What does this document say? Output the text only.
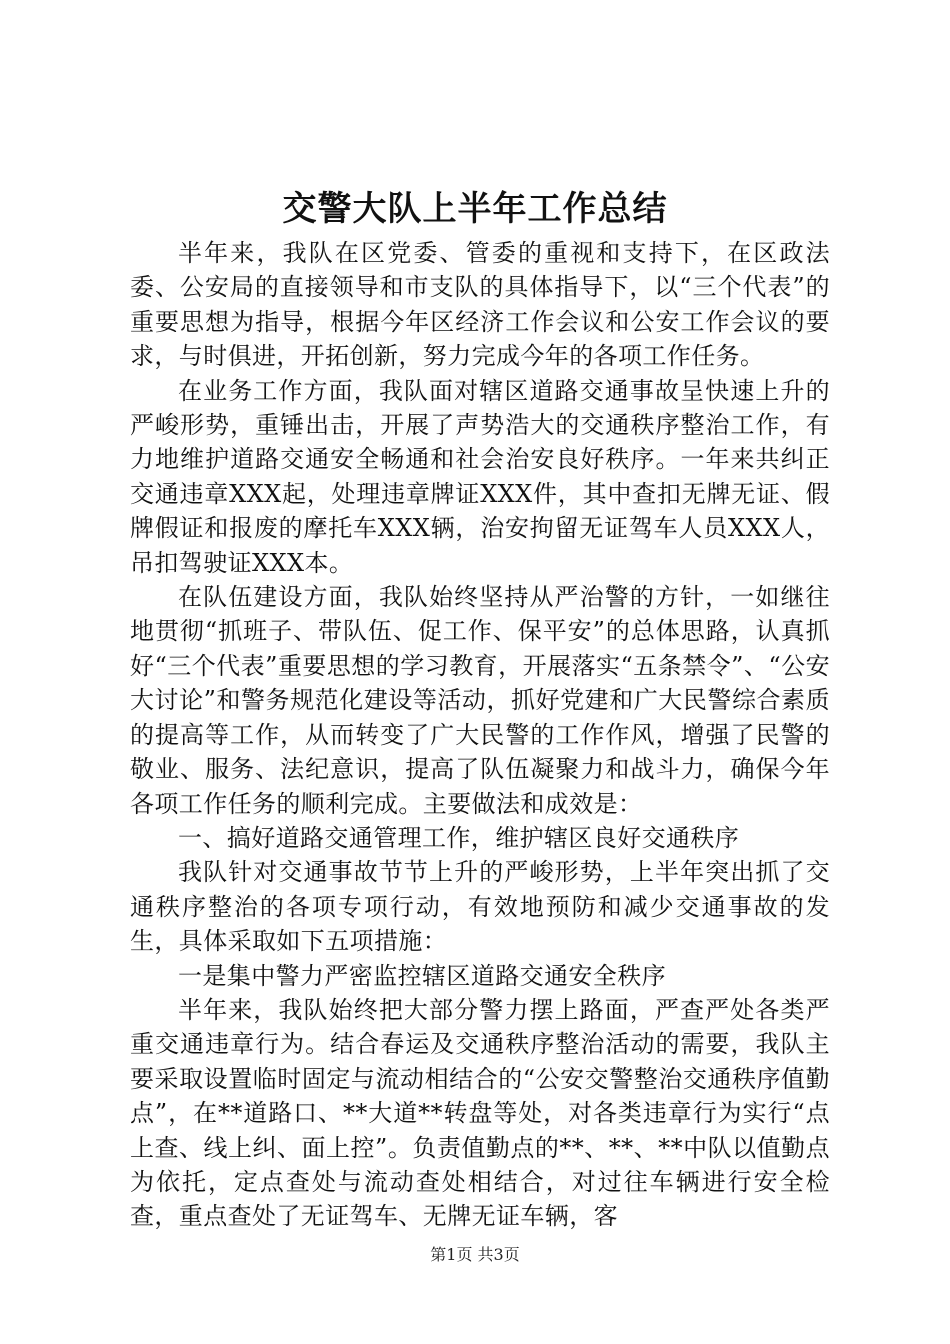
交警大队上半年工作总结

半年来，我队在区党委、管委的重视和支持下，在区政法委、公安局的直接领导和市支队的具体指导下，以“三个代表”的重要思想为指导，根据今年区经济工作会议和公安工作会议的要求，与时俱进，开拓创新，努力完成今年的各项工作任务。

在业务工作方面，我队面对辖区道路交通事故呈快速上升的严峻形势，重锤出击，开展了声势浩大的交通秩序整治工作，有力地维护道路交通安全畅通和社会治安良好秩序。一年来共纠正交通违章XXX起，处理违章牌证XXX件，其中查扣无牌无证、假牌假证和报废的摩托车XXX辆，治安拘留无证驾车人员XXX人，吊扣驾驶证XXX本。

在队伍建设方面，我队始终坚持从严治警的方针，一如继往地贯彻“抓班子、带队伍、促工作、保平安”的总体思路，认真抓好“三个代表”重要思想的学习教育，开展落实“五条禁令”、“公安大讨论”和警务规范化建设等活动，抓好党建和广大民警综合素质的提高等工作，从而转变了广大民警的工作作风，增强了民警的敬业、服务、法纪意识，提高了队伍凝聚力和战斗力，确保今年各项工作任务的顺利完成。主要做法和成效是：

一、搞好道路交通管理工作，维护辖区良好交通秩序

我队针对交通事故节节上升的严峻形势，上半年突出抓了交通秩序整治的各项专项行动，有效地预防和减少交通事故的发生，具体采取如下五项措施：

一是集中警力严密监控辖区道路交通安全秩序

半年来，我队始终把大部分警力摆上路面，严查严处各类严重交通违章行为。结合春运及交通秩序整治活动的需要，我队主要采取设置临时固定与流动相结合的“公安交警整治交通秩序值勤点”，在**道路口、**大道**转盘等处，对各类违章行为实行“点上查、线上纠、面上控”。负责值勤点的**、**、**中队以值勤点为依托，定点查处与流动查处相结合，对过往车辆进行安全检查，重点查处了无证驾车、无牌无证车辆，客

第1页 共3页
